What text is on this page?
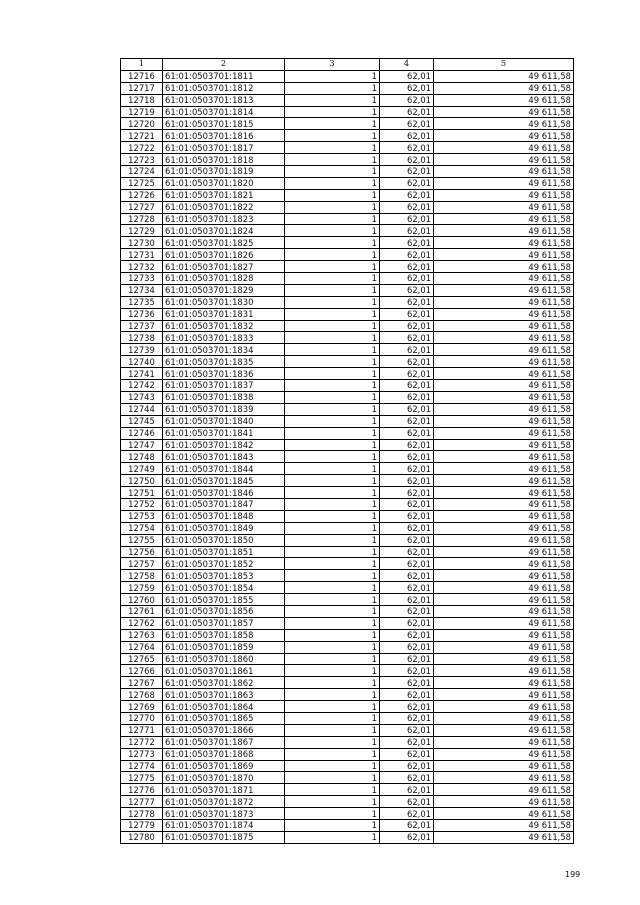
1	2	3	4	5
12716	61:01:0503701:1811	1	62,01	49 611,58
12717	61:01:0503701:1812	1	62,01	49 611,58
12718	61:01:0503701:1813	1	62,01	49 611,58
12719	61:01:0503701:1814	1	62,01	49 611,58
12720	61:01:0503701:1815	1	62,01	49 611,58
12721	61:01:0503701:1816	1	62,01	49 611,58
12722	61:01:0503701:1817	1	62,01	49 611,58
12723	61:01:0503701:1818	1	62,01	49 611,58
12724	61:01:0503701:1819	1	62,01	49 611,58
12725	61:01:0503701:1820	1	62,01	49 611,58
12726	61:01:0503701:1821	1	62,01	49 611,58
12727	61:01:0503701:1822	1	62,01	49 611,58
12728	61:01:0503701:1823	1	62,01	49 611,58
12729	61:01:0503701:1824	1	62,01	49 611,58
12730	61:01:0503701:1825	1	62,01	49 611,58
12731	61:01:0503701:1826	1	62,01	49 611,58
12732	61:01:0503701:1827	1	62,01	49 611,58
12733	61:01:0503701:1828	1	62,01	49 611,58
12734	61:01:0503701:1829	1	62,01	49 611,58
12735	61:01:0503701:1830	1	62,01	49 611,58
12736	61:01:0503701:1831	1	62,01	49 611,58
12737	61:01:0503701:1832	1	62,01	49 611,58
12738	61:01:0503701:1833	1	62,01	49 611,58
12739	61:01:0503701:1834	1	62,01	49 611,58
12740	61:01:0503701:1835	1	62,01	49 611,58
12741	61:01:0503701:1836	1	62,01	49 611,58
12742	61:01:0503701:1837	1	62,01	49 611,58
12743	61:01:0503701:1838	1	62,01	49 611,58
12744	61:01:0503701:1839	1	62,01	49 611,58
12745	61:01:0503701:1840	1	62,01	49 611,58
12746	61:01:0503701:1841	1	62,01	49 611,58
12747	61:01:0503701:1842	1	62,01	49 611,58
12748	61:01:0503701:1843	1	62,01	49 611,58
12749	61:01:0503701:1844	1	62,01	49 611,58
12750	61:01:0503701:1845	1	62,01	49 611,58
12751	61:01:0503701:1846	1	62,01	49 611,58
12752	61:01:0503701:1847	1	62,01	49 611,58
12753	61:01:0503701:1848	1	62,01	49 611,58
12754	61:01:0503701:1849	1	62,01	49 611,58
12755	61:01:0503701:1850	1	62,01	49 611,58
12756	61:01:0503701:1851	1	62,01	49 611,58
12757	61:01:0503701:1852	1	62,01	49 611,58
12758	61:01:0503701:1853	1	62,01	49 611,58
12759	61:01:0503701:1854	1	62,01	49 611,58
12760	61:01:0503701:1855	1	62,01	49 611,58
12761	61:01:0503701:1856	1	62,01	49 611,58
12762	61:01:0503701:1857	1	62,01	49 611,58
12763	61:01:0503701:1858	1	62,01	49 611,58
12764	61:01:0503701:1859	1	62,01	49 611,58
12765	61:01:0503701:1860	1	62,01	49 611,58
12766	61:01:0503701:1861	1	62,01	49 611,58
12767	61:01:0503701:1862	1	62,01	49 611,58
12768	61:01:0503701:1863	1	62,01	49 611,58
12769	61:01:0503701:1864	1	62,01	49 611,58
12770	61:01:0503701:1865	1	62,01	49 611,58
12771	61:01:0503701:1866	1	62,01	49 611,58
12772	61:01:0503701:1867	1	62,01	49 611,58
12773	61:01:0503701:1868	1	62,01	49 611,58
12774	61:01:0503701:1869	1	62,01	49 611,58
12775	61:01:0503701:1870	1	62,01	49 611,58
12776	61:01:0503701:1871	1	62,01	49 611,58
12777	61:01:0503701:1872	1	62,01	49 611,58
12778	61:01:0503701:1873	1	62,01	49 611,58
12779	61:01:0503701:1874	1	62,01	49 611,58
12780	61:01:0503701:1875	1	62,01	49 611,58
199
